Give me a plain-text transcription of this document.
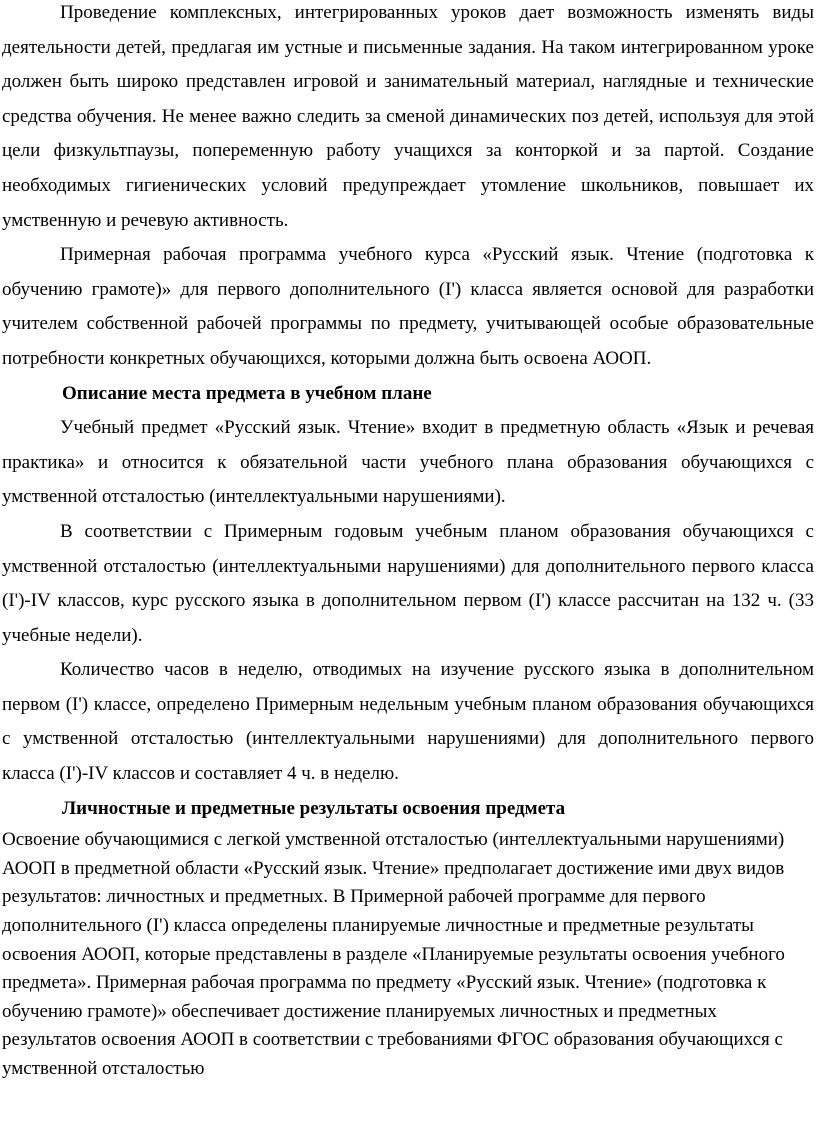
Проведение комплексных, интегрированных уроков дает возможность изменять виды деятельности детей, предлагая им устные и письменные задания. На таком интегрированном уроке должен быть широко представлен игровой и занимательный материал, наглядные и технические средства обучения. Не менее важно следить за сменой динамических поз детей, используя для этой цели физкультпаузы, попеременную работу учащихся за конторкой и за партой. Создание необходимых гигиенических условий предупреждает утомление школьников, повышает их умственную и речевую активность.

Примерная рабочая программа учебного курса «Русский язык. Чтение (подготовка к обучению грамоте)» для первого дополнительного (I') класса является основой для разработки учителем собственной рабочей программы по предмету, учитывающей особые образовательные потребности конкретных обучающихся, которыми должна быть освоена АООП.

Описание места предмета в учебном плане

Учебный предмет «Русский язык. Чтение» входит в предметную область «Язык и речевая практика» и относится к обязательной части учебного плана образования обучающихся с умственной отсталостью (интеллектуальными нарушениями).

В соответствии с Примерным годовым учебным планом образования обучающихся с умственной отсталостью (интеллектуальными нарушениями) для дополнительного первого класса (I')-IV классов, курс русского языка в дополнительном первом (I') классе рассчитан на 132 ч. (33 учебные недели).

Количество часов в неделю, отводимых на изучение русского языка в дополнительном первом (I') классе, определено Примерным недельным учебным планом образования обучающихся с умственной отсталостью (интеллектуальными нарушениями) для дополнительного первого класса (I')-IV классов и составляет 4 ч. в неделю.

Личностные и предметные результаты освоения предмета

Освоение обучающимися с легкой умственной отсталостью (интеллектуальными нарушениями) АООП в предметной области «Русский язык. Чтение» предполагает достижение ими двух видов результатов: личностных и предметных. В Примерной рабочей программе для первого дополнительного (I') класса определены планируемые личностные и предметные результаты освоения АООП, которые представлены в разделе «Планируемые результаты освоения учебного предмета». Примерная рабочая программа по предмету «Русский язык. Чтение» (подготовка к обучению грамоте)» обеспечивает достижение планируемых личностных и предметных результатов освоения АООП в соответствии с требованиями ФГОС образования обучающихся с умственной отсталостью
